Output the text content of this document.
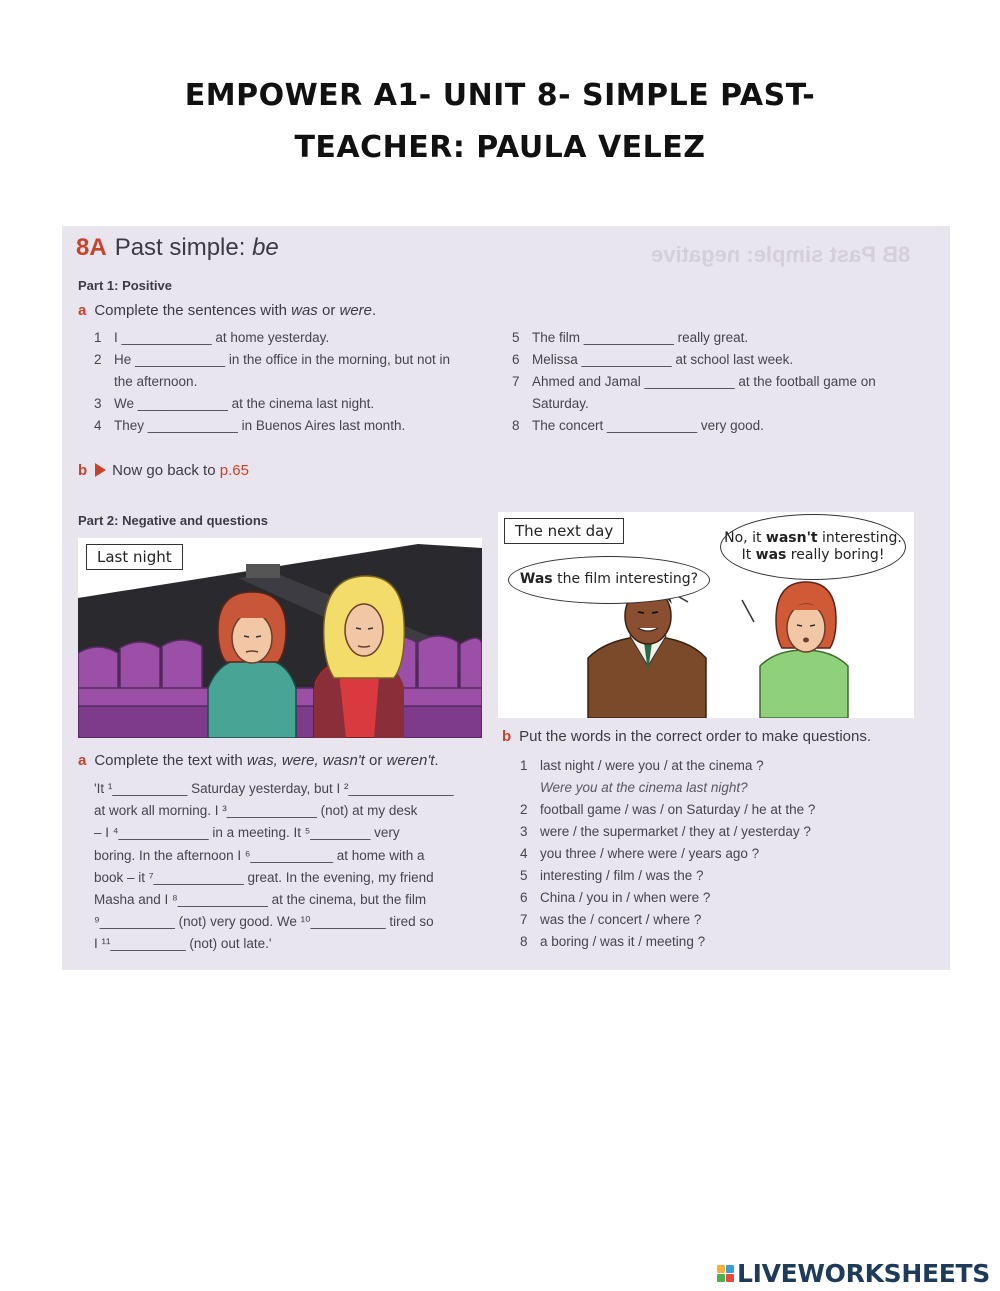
EMPOWER A1- UNIT 8- SIMPLE PAST-
TEACHER: PAULA VELEZ
8B Past simple: negative
8A Past simple: be
Part 1: Positive
a Complete the sentences with was or were.
1 I ____________ at home yesterday.
2 He ____________ in the office in the morning, but not in
the afternoon.
3 We ____________ at the cinema last night.
4 They ____________ in Buenos Aires last month.
5 The film ____________ really great.
6 Melissa ____________ at school last week.
7 Ahmed and Jamal ____________ at the football game on
Saturday.
8 The concert ____________ very good.
b Now go back to p.65
Part 2: Negative and questions
Last night
The next day
Was the film interesting?
No, it wasn't interesting.
It was really boring!
a Complete the text with was, were, wasn't or weren't.
'It ¹__________ Saturday yesterday, but I ²______________
at work all morning. I ³____________ (not) at my desk
– I ⁴____________ in a meeting. It ⁵________ very
boring. In the afternoon I ⁶___________ at home with a
book – it ⁷____________ great. In the evening, my friend
Masha and I ⁸____________ at the cinema, but the film
⁹__________ (not) very good. We ¹⁰__________ tired so
I ¹¹__________ (not) out late.'
b Put the words in the correct order to make questions.
1 last night / were you / at the cinema ?
Were you at the cinema last night?
2 football game / was / on Saturday / he at the ?
3 were / the supermarket / they at / yesterday ?
4 you three / where were / years ago ?
5 interesting / film / was the ?
6 China / you in / when were ?
7 was the / concert / where ?
8 a boring / was it / meeting ?
LIVEWORKSHEETS
